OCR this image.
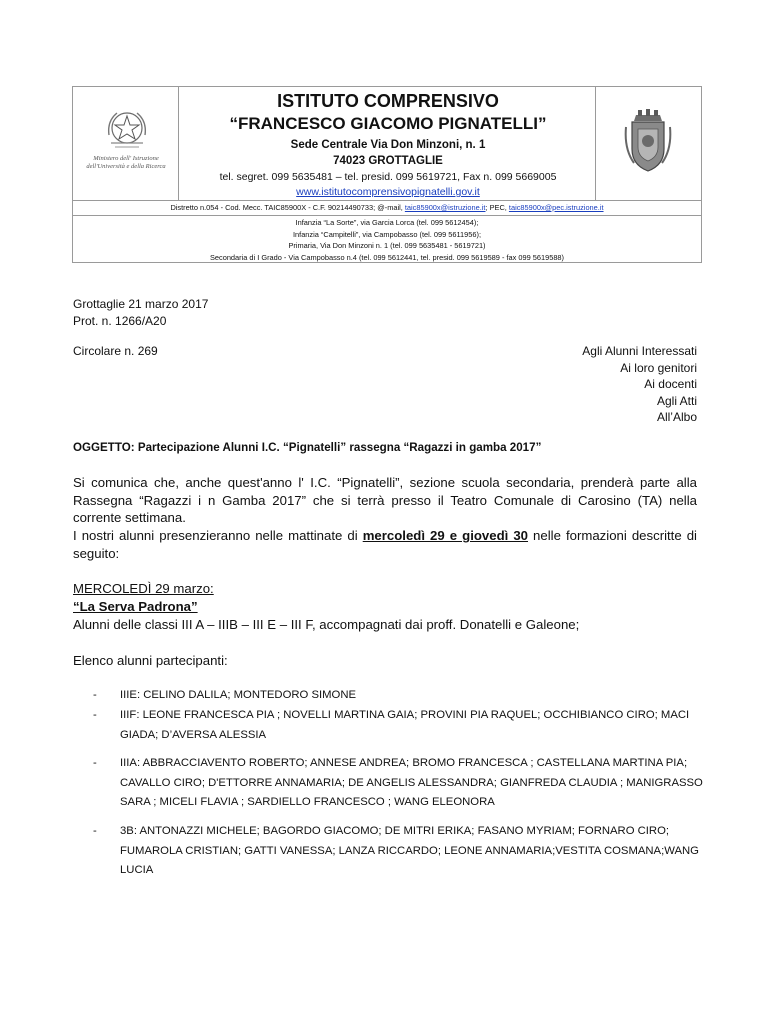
Ministero dell' Istruzione dell'Università e della Ricerca
ISTITUTO COMPRENSIVO
“FRANCESCO GIACOMO PIGNATELLI”
Sede Centrale Via Don Minzoni, n. 1
74023 GROTTAGLIE
tel. segret. 099 5635481 – tel. presid. 099 5619721, Fax n. 099 5669005
www.istitutocomprensivopignatelli.gov.it
Distretto n.054 - Cod. Mecc. TAIC85900X - C.F. 90214490733; @-mail, taic85900x@istruzione.it; PEC, taic85900x@pec.istruzione.it
Infanzia “La Sorte”, via Garcia Lorca (tel. 099 5612454);
Infanzia “Campitelli”, via Campobasso (tel. 099 5611956);
Primaria, Via Don Minzoni n. 1 (tel. 099 5635481 - 5619721)
Secondaria di I Grado - Via Campobasso n.4 (tel. 099 5612441, tel. presid. 099 5619589 - fax 099 5619588)
Grottaglie 21 marzo 2017
Prot. n. 1266/A20
Circolare n. 269	Agli Alunni Interessati
Ai loro genitori
Ai docenti
Agli Atti
All’Albo
OGGETTO: Partecipazione Alunni I.C. “Pignatelli” rassegna “Ragazzi in gamba 2017”
Si comunica che, anche quest'anno l' I.C. “Pignatelli”, sezione scuola secondaria, prenderà parte alla Rassegna “Ragazzi i n Gamba 2017” che si terrà presso il Teatro Comunale di Carosino (TA) nella corrente settimana.
I nostri alunni presenzieranno nelle mattinate di mercoledì 29 e giovedì 30 nelle formazioni descritte di seguito:
MERCOLEDÌ 29 marzo:
“La Serva Padrona”
Alunni delle classi III A – IIIB – III E – III F, accompagnati dai proff. Donatelli e Galeone;
Elenco alunni partecipanti:
- IIIE: CELINO DALILA; MONTEDORO SIMONE
- IIIF: LEONE FRANCESCA PIA ; NOVELLI MARTINA GAIA; PROVINI PIA RAQUEL; OCCHIBIANCO CIRO; MACI GIADA; D’AVERSA ALESSIA
- IIIA: ABBRACCIAVENTO ROBERTO; ANNESE ANDREA; BROMO FRANCESCA ; CASTELLANA MARTINA PIA; CAVALLO CIRO; D'ETTORRE ANNAMARIA; DE ANGELIS ALESSANDRA; GIANFREDA CLAUDIA ; MANIGRASSO SARA ; MICELI FLAVIA ; SARDIELLO FRANCESCO ; WANG ELEONORA
- 3B: ANTONAZZI MICHELE; BAGORDO GIACOMO; DE MITRI ERIKA; FASANO MYRIAM; FORNARO CIRO; FUMAROLA CRISTIAN; GATTI VANESSA; LANZA RICCARDO; LEONE ANNAMARIA;VESTITA COSMANA;WANG LUCIA
